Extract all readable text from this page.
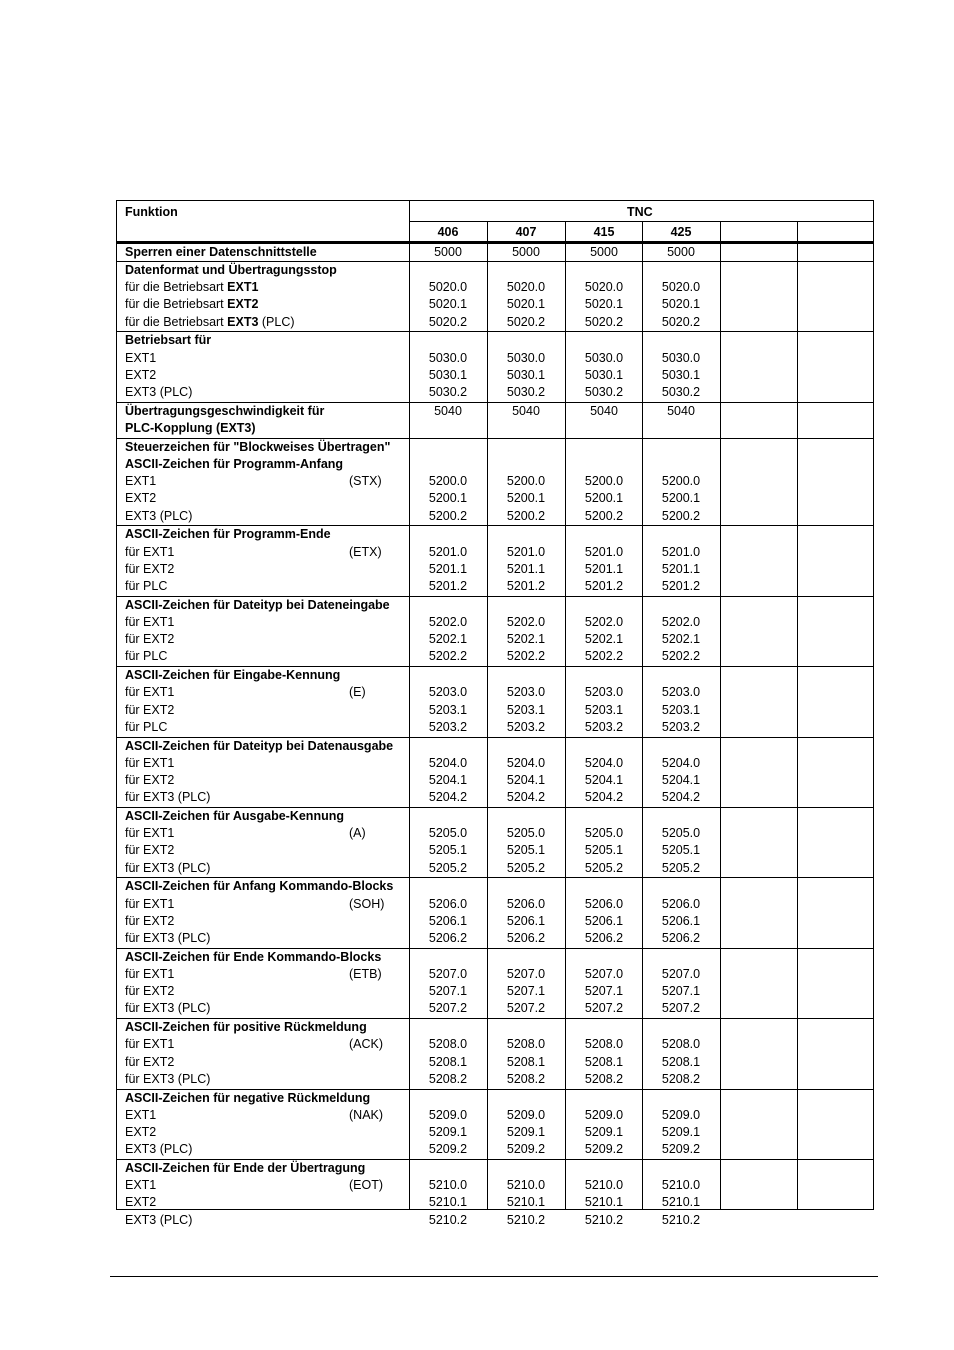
Funktion	TNC
406	407	415	425
Sperren einer Datenschnittstelle	5000	5000	5000	5000
Datenformat und Übertragungsstop
für die Betriebsart EXT1	5020.0	5020.0	5020.0	5020.0
für die Betriebsart EXT2	5020.1	5020.1	5020.1	5020.1
für die Betriebsart EXT3 (PLC)	5020.2	5020.2	5020.2	5020.2
Betriebsart für
EXT1	5030.0	5030.0	5030.0	5030.0
EXT2	5030.1	5030.1	5030.1	5030.1
EXT3 (PLC)	5030.2	5030.2	5030.2	5030.2
Übertragungsgeschwindigkeit für
PLC-Kopplung (EXT3)
5040	5040	5040	5040
Steuerzeichen für "Blockweises Übertragen"
ASCII-Zeichen für Programm-Anfang
EXT1	(STX)	5200.0	5200.0	5200.0	5200.0
EXT2	5200.1	5200.1	5200.1	5200.1
EXT3 (PLC)	5200.2	5200.2	5200.2	5200.2
ASCII-Zeichen für Programm-Ende
für EXT1	(ETX)	5201.0	5201.0	5201.0	5201.0
für EXT2	5201.1	5201.1	5201.1	5201.1
für PLC	5201.2	5201.2	5201.2	5201.2
ASCII-Zeichen für Dateityp bei Dateneingabe
für EXT1	5202.0	5202.0	5202.0	5202.0
für EXT2	5202.1	5202.1	5202.1	5202.1
für PLC	5202.2	5202.2	5202.2	5202.2
ASCII-Zeichen für Eingabe-Kennung
für EXT1	(E)	5203.0	5203.0	5203.0	5203.0
für EXT2	5203.1	5203.1	5203.1	5203.1
für PLC	5203.2	5203.2	5203.2	5203.2
ASCII-Zeichen für Dateityp bei Datenausgabe
für EXT1	5204.0	5204.0	5204.0	5204.0
für EXT2	5204.1	5204.1	5204.1	5204.1
für EXT3 (PLC)	5204.2	5204.2	5204.2	5204.2
ASCII-Zeichen für Ausgabe-Kennung
für EXT1	(A)	5205.0	5205.0	5205.0	5205.0
für EXT2	5205.1	5205.1	5205.1	5205.1
für EXT3 (PLC)	5205.2	5205.2	5205.2	5205.2
ASCII-Zeichen für Anfang Kommando-Blocks
für EXT1	(SOH)	5206.0	5206.0	5206.0	5206.0
für EXT2	5206.1	5206.1	5206.1	5206.1
für EXT3 (PLC)	5206.2	5206.2	5206.2	5206.2
ASCII-Zeichen für Ende Kommando-Blocks
für EXT1	(ETB)	5207.0	5207.0	5207.0	5207.0
für EXT2	5207.1	5207.1	5207.1	5207.1
für EXT3 (PLC)	5207.2	5207.2	5207.2	5207.2
ASCII-Zeichen für positive Rückmeldung
für EXT1	(ACK)	5208.0	5208.0	5208.0	5208.0
für EXT2	5208.1	5208.1	5208.1	5208.1
für EXT3 (PLC)	5208.2	5208.2	5208.2	5208.2
ASCII-Zeichen für negative Rückmeldung
EXT1	(NAK)	5209.0	5209.0	5209.0	5209.0
EXT2	5209.1	5209.1	5209.1	5209.1
EXT3 (PLC)	5209.2	5209.2	5209.2	5209.2
ASCII-Zeichen für Ende der Übertragung
EXT1	(EOT)	5210.0	5210.0	5210.0	5210.0
EXT2	5210.1	5210.1	5210.1	5210.1
EXT3 (PLC)	5210.2	5210.2	5210.2	5210.2
